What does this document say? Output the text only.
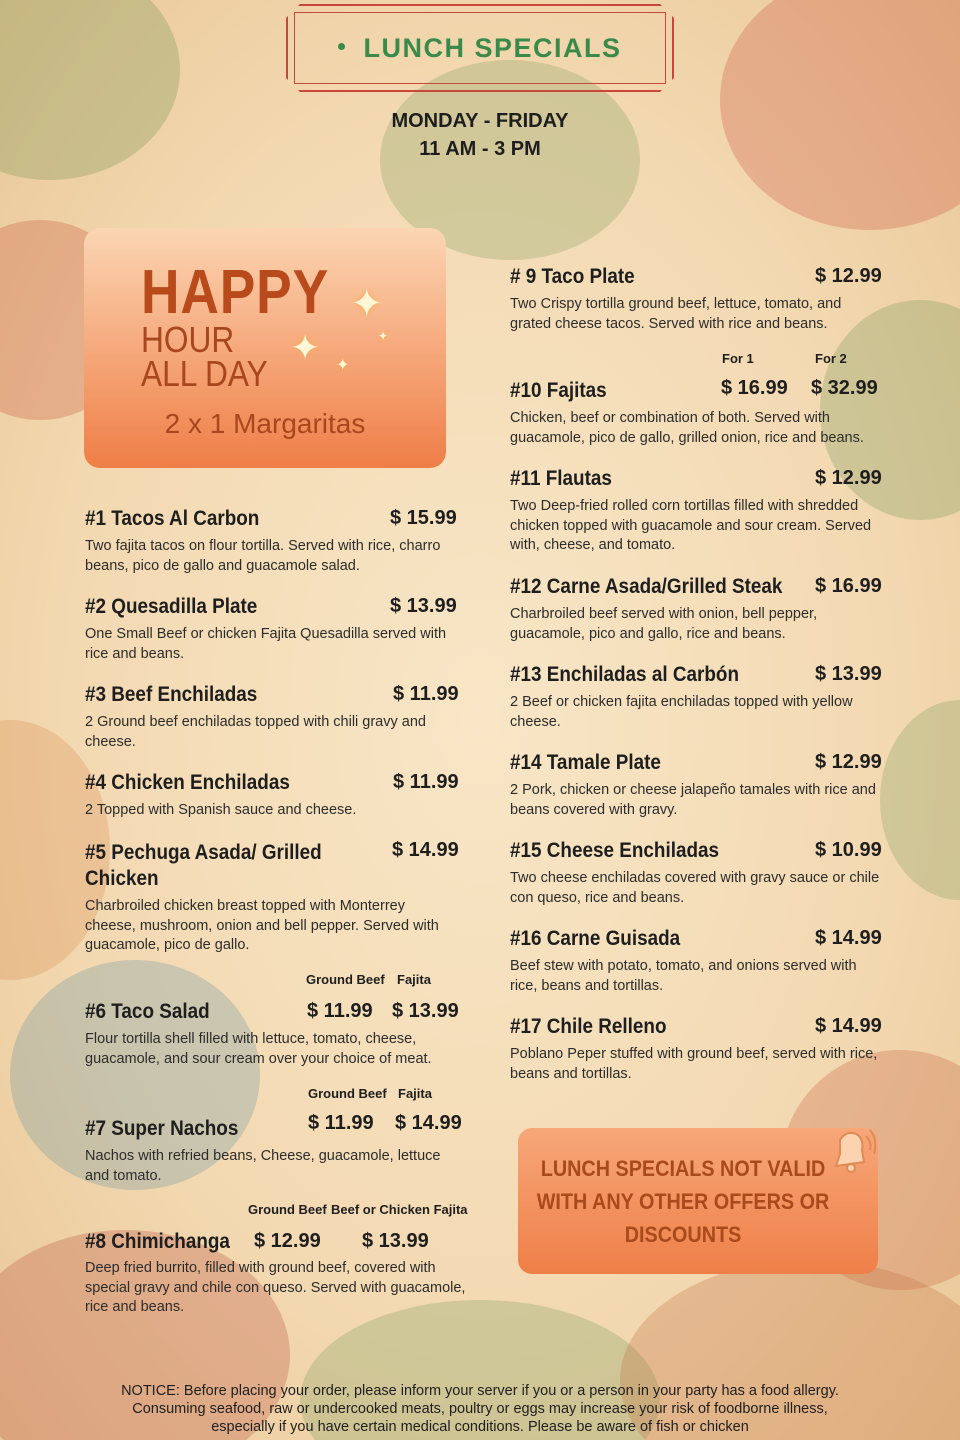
LUNCH SPECIALS
MONDAY - FRIDAY
11 AM - 3 PM
HAPPY
HOUR
ALL DAY
2 x 1 Margaritas
✦
✦ ✦
✦
#1 Tacos Al Carbon	$ 15.99
Two fajita tacos on flour tortilla. Served with rice, charro beans, pico de gallo and guacamole salad.
#2 Quesadilla Plate	$ 13.99
One Small Beef or chicken Fajita Quesadilla served with rice and beans.
#3 Beef Enchiladas	$ 11.99
2 Ground beef enchiladas topped with chili gravy and cheese.
#4 Chicken Enchiladas	$ 11.99
2 Topped with Spanish sauce and cheese.
#5 Pechuga Asada/ Grilled
Chicken
$ 14.99
Charbroiled chicken breast topped with Monterrey cheese, mushroom, onion and bell pepper. Served with guacamole, pico de gallo.
Ground Beef Fajita
#6 Taco Salad	$ 11.99 $ 13.99
Flour tortilla shell filled with lettuce, tomato, cheese, guacamole, and sour cream over your choice of meat.
Ground Beef Fajita
#7 Super Nachos	$ 11.99 $ 14.99
Nachos with refried beans, Cheese, guacamole, lettuce and tomato.
Ground Beef Beef or Chicken Fajita
#8 Chimichanga $ 12.99 $ 13.99
Deep fried burrito, filled with ground beef, covered with special gravy and chile con queso. Served with guacamole, rice and beans.
# 9 Taco Plate	$ 12.99
Two Crispy tortilla ground beef, lettuce, tomato, and grated cheese tacos. Served with rice and beans.
For 1	For 2
#10 Fajitas	$ 16.99 $ 32.99
Chicken, beef or combination of both. Served with guacamole, pico de gallo, grilled onion, rice and beans.
#11 Flautas	$ 12.99
Two Deep-fried rolled corn tortillas filled with shredded chicken topped with guacamole and sour cream. Served with, cheese, and tomato.
#12 Carne Asada/Grilled Steak $ 16.99
Charbroiled beef served with onion, bell pepper, guacamole, pico and gallo, rice and beans.
#13 Enchiladas al Carbón	$ 13.99
2 Beef or chicken fajita enchiladas topped with yellow cheese.
#14 Tamale Plate	$ 12.99
2 Pork, chicken or cheese jalapeño tamales with rice and beans covered with gravy.
#15 Cheese Enchiladas	$ 10.99
Two cheese enchiladas covered with gravy sauce or chile con queso, rice and beans.
#16 Carne Guisada	$ 14.99
Beef stew with potato, tomato, and onions served with rice, beans and tortillas.
#17 Chile Relleno	$ 14.99
Poblano Peper stuffed with ground beef, served with rice, beans and tortillas.
LUNCH SPECIALS NOT VALID
WITH ANY OTHER OFFERS OR
DISCOUNTS
NOTICE: Before placing your order, please inform your server if you or a person in your party has a food allergy. Consuming seafood, raw or undercooked meats, poultry or eggs may increase your risk of foodborne illness, especially if you have certain medical conditions. Please be aware of fish or chicken
